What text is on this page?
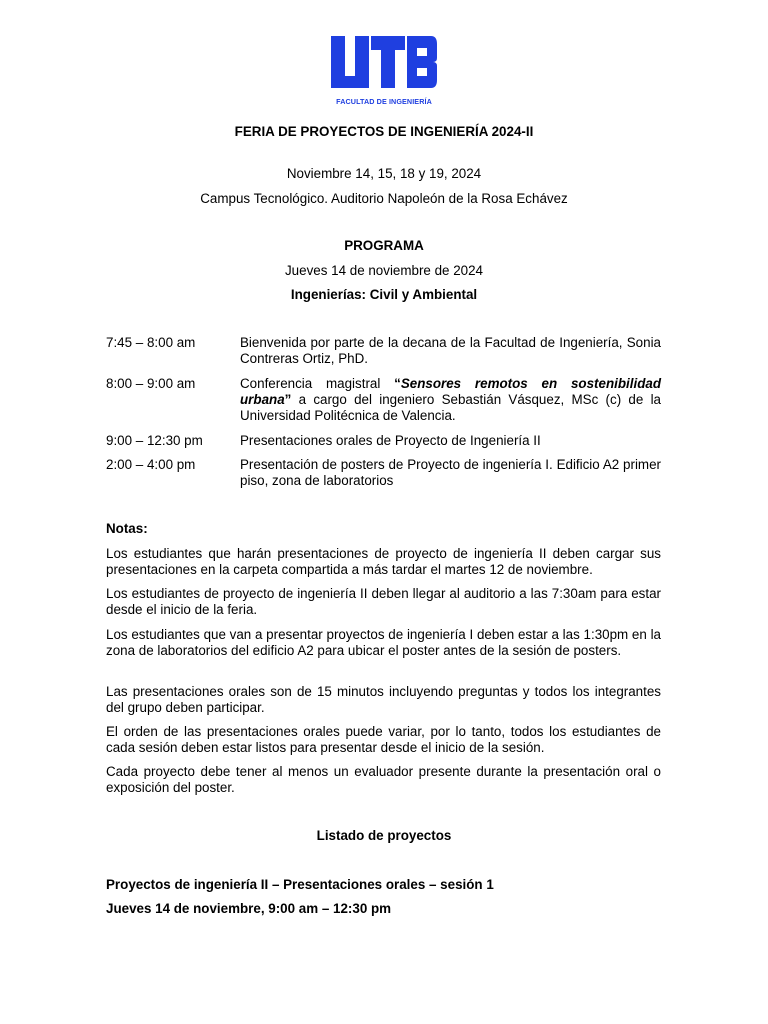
FACULTAD DE INGENIERÍA
FERIA DE PROYECTOS DE INGENIERÍA 2024-II
Noviembre 14, 15, 18 y 19, 2024
Campus Tecnológico. Auditorio Napoleón de la Rosa Echávez
PROGRAMA
Jueves 14 de noviembre de 2024
Ingenierías: Civil y Ambiental
7:45 – 8:00 am	Bienvenida por parte de la decana de la Facultad de Ingeniería, Sonia Contreras Ortiz, PhD.
8:00 – 9:00 am	Conferencia magistral “Sensores remotos en sostenibilidad urbana” a cargo del ingeniero Sebastián Vásquez, MSc (c) de la Universidad Politécnica de Valencia.
9:00 – 12:30 pm	Presentaciones orales de Proyecto de Ingeniería II
2:00 – 4:00 pm	Presentación de posters de Proyecto de ingeniería I. Edificio A2 primer piso, zona de laboratorios
Notas:
Los estudiantes que harán presentaciones de proyecto de ingeniería II deben cargar sus presentaciones en la carpeta compartida a más tardar el martes 12 de noviembre.
Los estudiantes de proyecto de ingeniería II deben llegar al auditorio a las 7:30am para estar desde el inicio de la feria.
Los estudiantes que van a presentar proyectos de ingeniería I deben estar a las 1:30pm en la zona de laboratorios del edificio A2 para ubicar el poster antes de la sesión de posters.
Las presentaciones orales son de 15 minutos incluyendo preguntas y todos los integrantes del grupo deben participar.
El orden de las presentaciones orales puede variar, por lo tanto, todos los estudiantes de cada sesión deben estar listos para presentar desde el inicio de la sesión.
Cada proyecto debe tener al menos un evaluador presente durante la presentación oral o exposición del poster.
Listado de proyectos
Proyectos de ingeniería II – Presentaciones orales – sesión 1
Jueves 14 de noviembre, 9:00 am – 12:30 pm
